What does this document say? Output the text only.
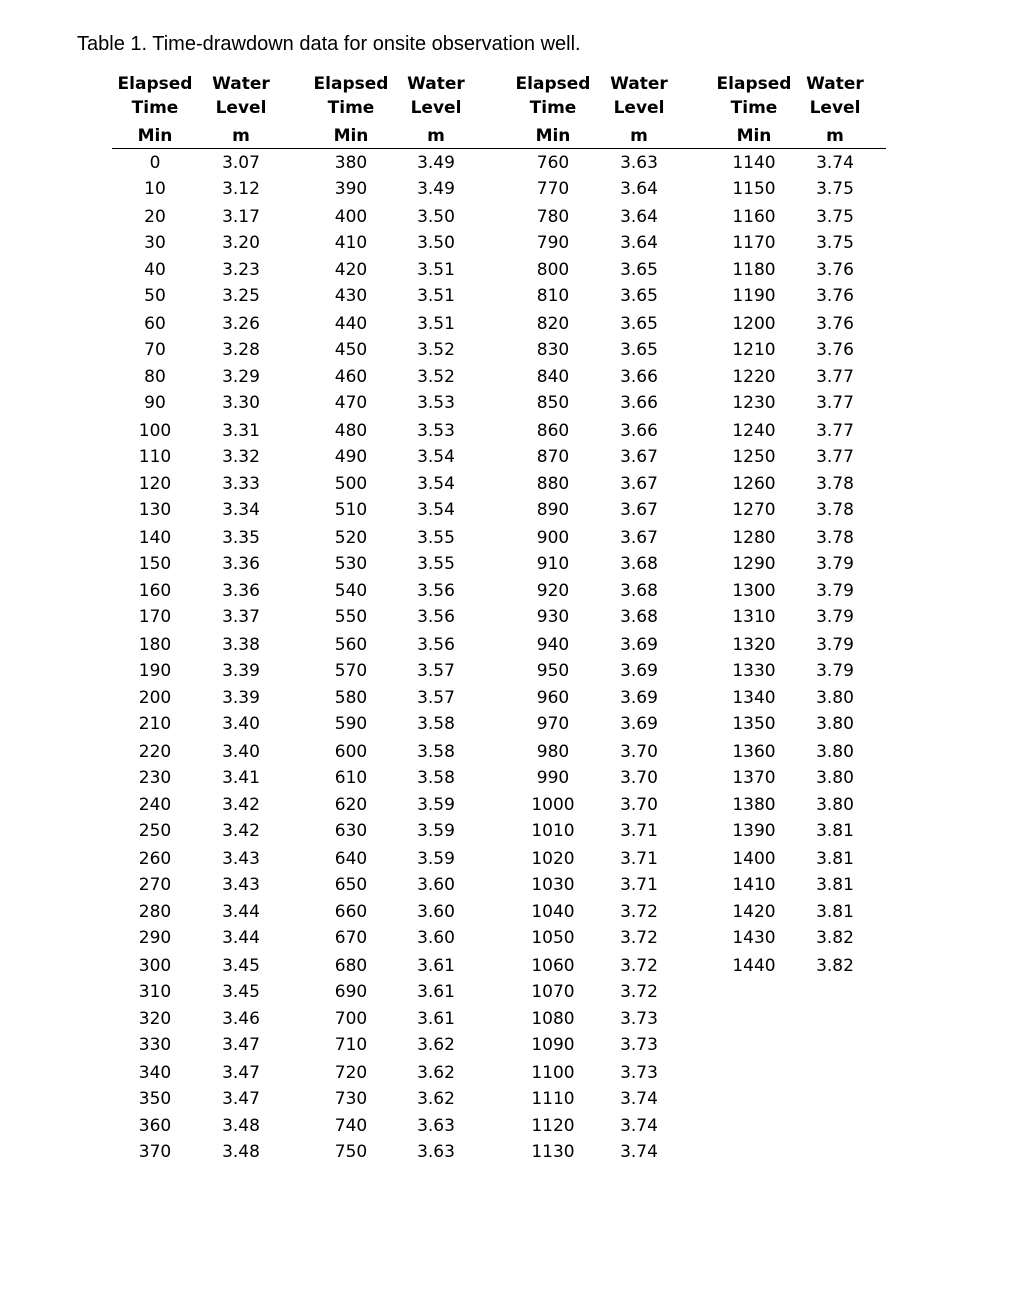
Table 1. Time-drawdown data for onsite observation well.
Elapsed
Time
Min
Water
Level
m
Elapsed
Time
Min
Water
Level
m
Elapsed
Time
Min
Water
Level
m
Elapsed
Time
Min
Water
Level
m
0
10
20
30
40
50
60
70
80
90
100
110
120
130
140
150
160
170
180
190
200
210
220
230
240
250
260
270
280
290
300
310
320
330
340
350
360
370
3.07
3.12
3.17
3.20
3.23
3.25
3.26
3.28
3.29
3.30
3.31
3.32
3.33
3.34
3.35
3.36
3.36
3.37
3.38
3.39
3.39
3.40
3.40
3.41
3.42
3.42
3.43
3.43
3.44
3.44
3.45
3.45
3.46
3.47
3.47
3.47
3.48
3.48
380
390
400
410
420
430
440
450
460
470
480
490
500
510
520
530
540
550
560
570
580
590
600
610
620
630
640
650
660
670
680
690
700
710
720
730
740
750
3.49
3.49
3.50
3.50
3.51
3.51
3.51
3.52
3.52
3.53
3.53
3.54
3.54
3.54
3.55
3.55
3.56
3.56
3.56
3.57
3.57
3.58
3.58
3.58
3.59
3.59
3.59
3.60
3.60
3.60
3.61
3.61
3.61
3.62
3.62
3.62
3.63
3.63
760
770
780
790
800
810
820
830
840
850
860
870
880
890
900
910
920
930
940
950
960
970
980
990
1000
1010
1020
1030
1040
1050
1060
1070
1080
1090
1100
1110
1120
1130
3.63
3.64
3.64
3.64
3.65
3.65
3.65
3.65
3.66
3.66
3.66
3.67
3.67
3.67
3.67
3.68
3.68
3.68
3.69
3.69
3.69
3.69
3.70
3.70
3.70
3.71
3.71
3.71
3.72
3.72
3.72
3.72
3.73
3.73
3.73
3.74
3.74
3.74
1140
1150
1160
1170
1180
1190
1200
1210
1220
1230
1240
1250
1260
1270
1280
1290
1300
1310
1320
1330
1340
1350
1360
1370
1380
1390
1400
1410
1420
1430
1440
3.74
3.75
3.75
3.75
3.76
3.76
3.76
3.76
3.77
3.77
3.77
3.77
3.78
3.78
3.78
3.79
3.79
3.79
3.79
3.79
3.80
3.80
3.80
3.80
3.80
3.81
3.81
3.81
3.81
3.82
3.82
